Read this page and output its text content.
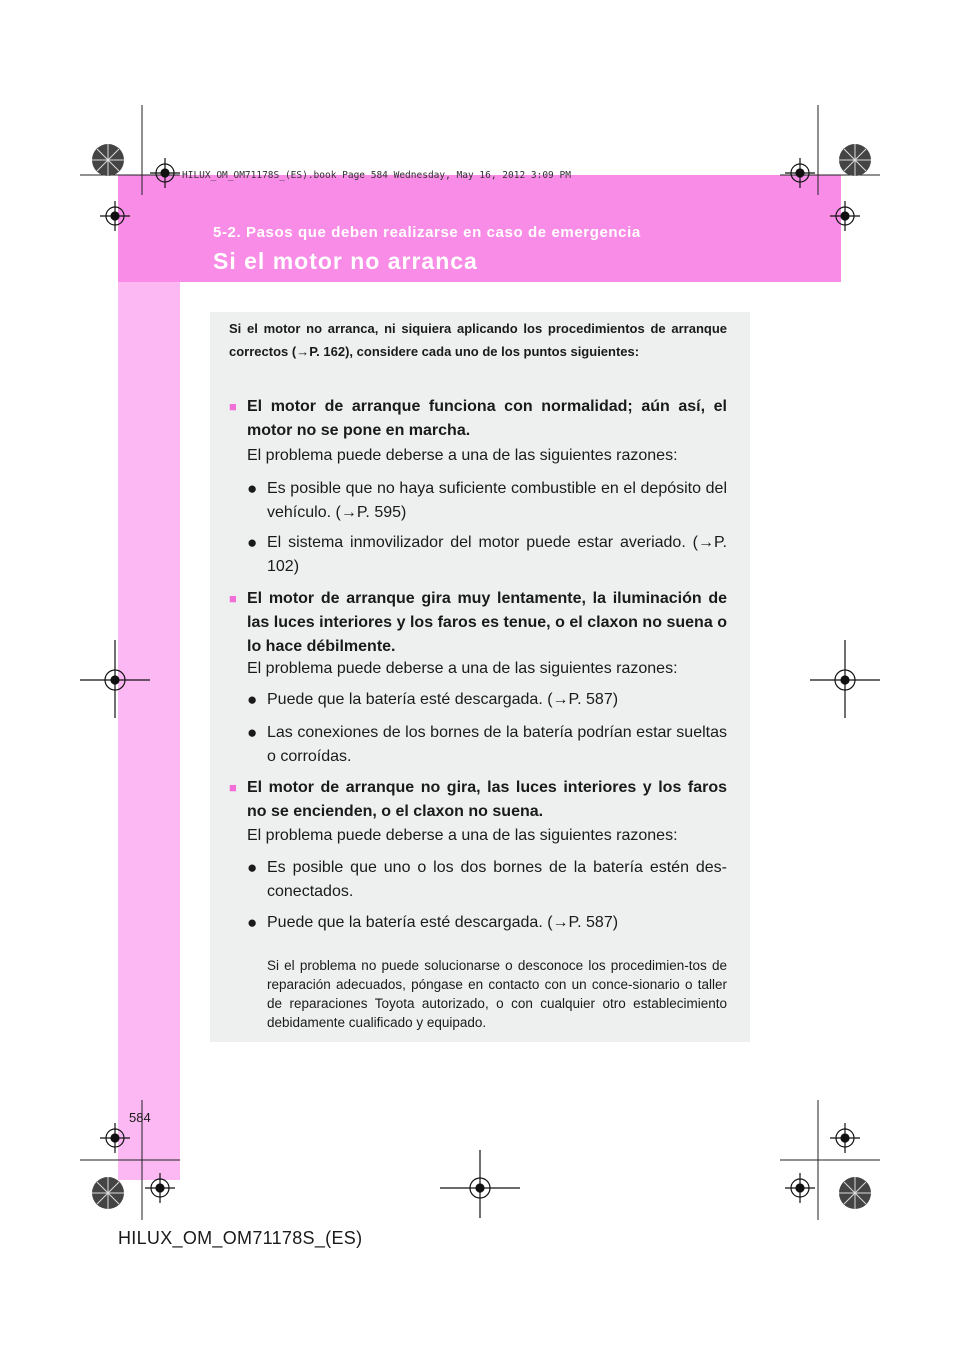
HILUX_OM_OM71178S_(ES).book Page 584 Wednesday, May 16, 2012 3:09 PM
5-2. Pasos que deben realizarse en caso de emergencia
Si el motor no arranca
Si el motor no arranca, ni siquiera aplicando los procedimientos de arranque correctos (→P. 162), considere cada uno de los puntos siguientes:
■ El motor de arranque funciona con normalidad; aún así, el motor no se pone en marcha.
El problema puede deberse a una de las siguientes razones:
● Es posible que no haya suficiente combustible en el depósito del vehículo. (→P. 595)
● El sistema inmovilizador del motor puede estar averiado. (→P. 102)
■ El motor de arranque gira muy lentamente, la iluminación de las luces interiores y los faros es tenue, o el claxon no suena o lo hace débilmente.
El problema puede deberse a una de las siguientes razones:
● Puede que la batería esté descargada. (→P. 587)
● Las conexiones de los bornes de la batería podrían estar sueltas o corroídas.
■ El motor de arranque no gira, las luces interiores y los faros no se encienden, o el claxon no suena.
El problema puede deberse a una de las siguientes razones:
● Es posible que uno o los dos bornes de la batería estén des-conectados.
● Puede que la batería esté descargada. (→P. 587)
Si el problema no puede solucionarse o desconoce los procedimien-tos de reparación adecuados, póngase en contacto con un conce-sionario o taller de reparaciones Toyota autorizado, o con cualquier otro establecimiento debidamente cualificado y equipado.
584
HILUX_OM_OM71178S_(ES)
